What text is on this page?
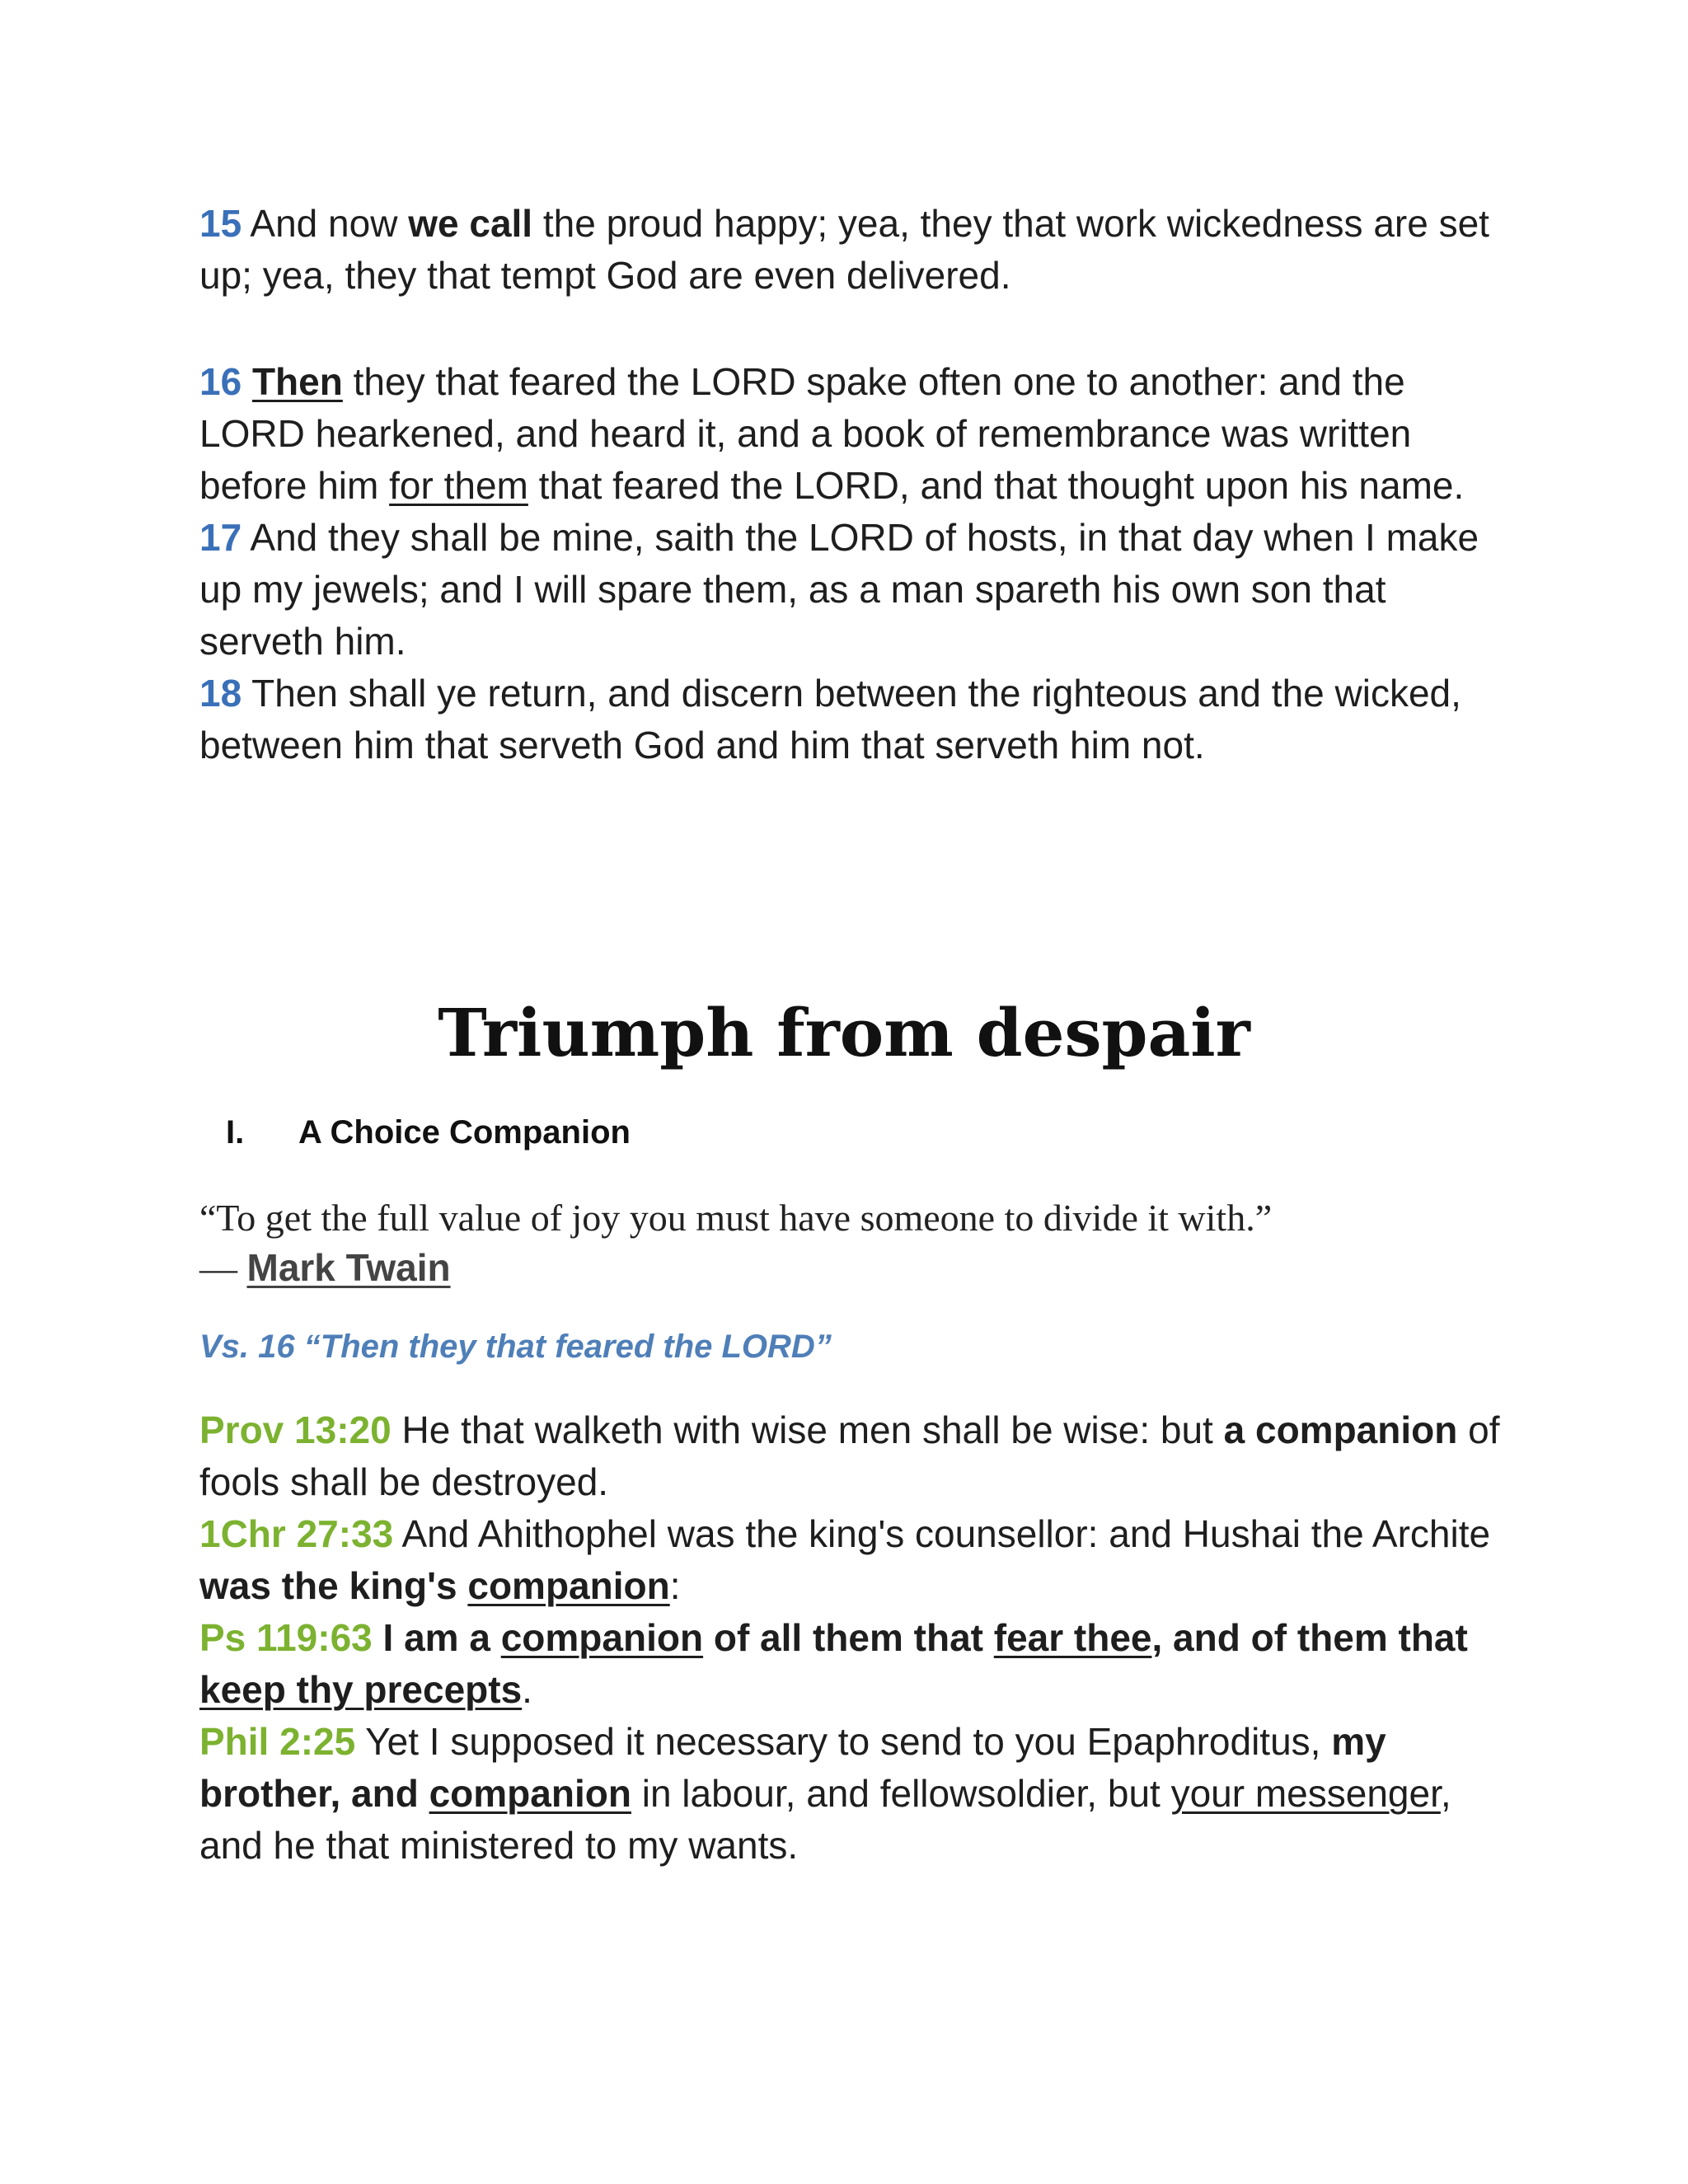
15 And now we call the proud happy; yea, they that work wickedness are set up; yea, they that tempt God are even delivered.

16 Then they that feared the LORD spake often one to another: and the LORD hearkened, and heard it, and a book of remembrance was written before him for them that feared the LORD, and that thought upon his name.

17 And they shall be mine, saith the LORD of hosts, in that day when I make up my jewels; and I will spare them, as a man spareth his own son that serveth him.

18 Then shall ye return, and discern between the righteous and the wicked, between him that serveth God and him that serveth him not.

Triumph from despair
I. A Choice Companion
“To get the full value of joy you must have someone to divide it with.”
— Mark Twain
Vs. 16 “Then they that feared the LORD”

Prov 13:20 He that walketh with wise men shall be wise: but a companion of fools shall be destroyed.

1Chr 27:33 And Ahithophel was the king's counsellor: and Hushai the Archite was the king's companion:

Ps 119:63 I am a companion of all them that fear thee, and of them that keep thy precepts.

Phil 2:25 Yet I supposed it necessary to send to you Epaphroditus, my brother, and companion in labour, and fellowsoldier, but your messenger, and he that ministered to my wants.
